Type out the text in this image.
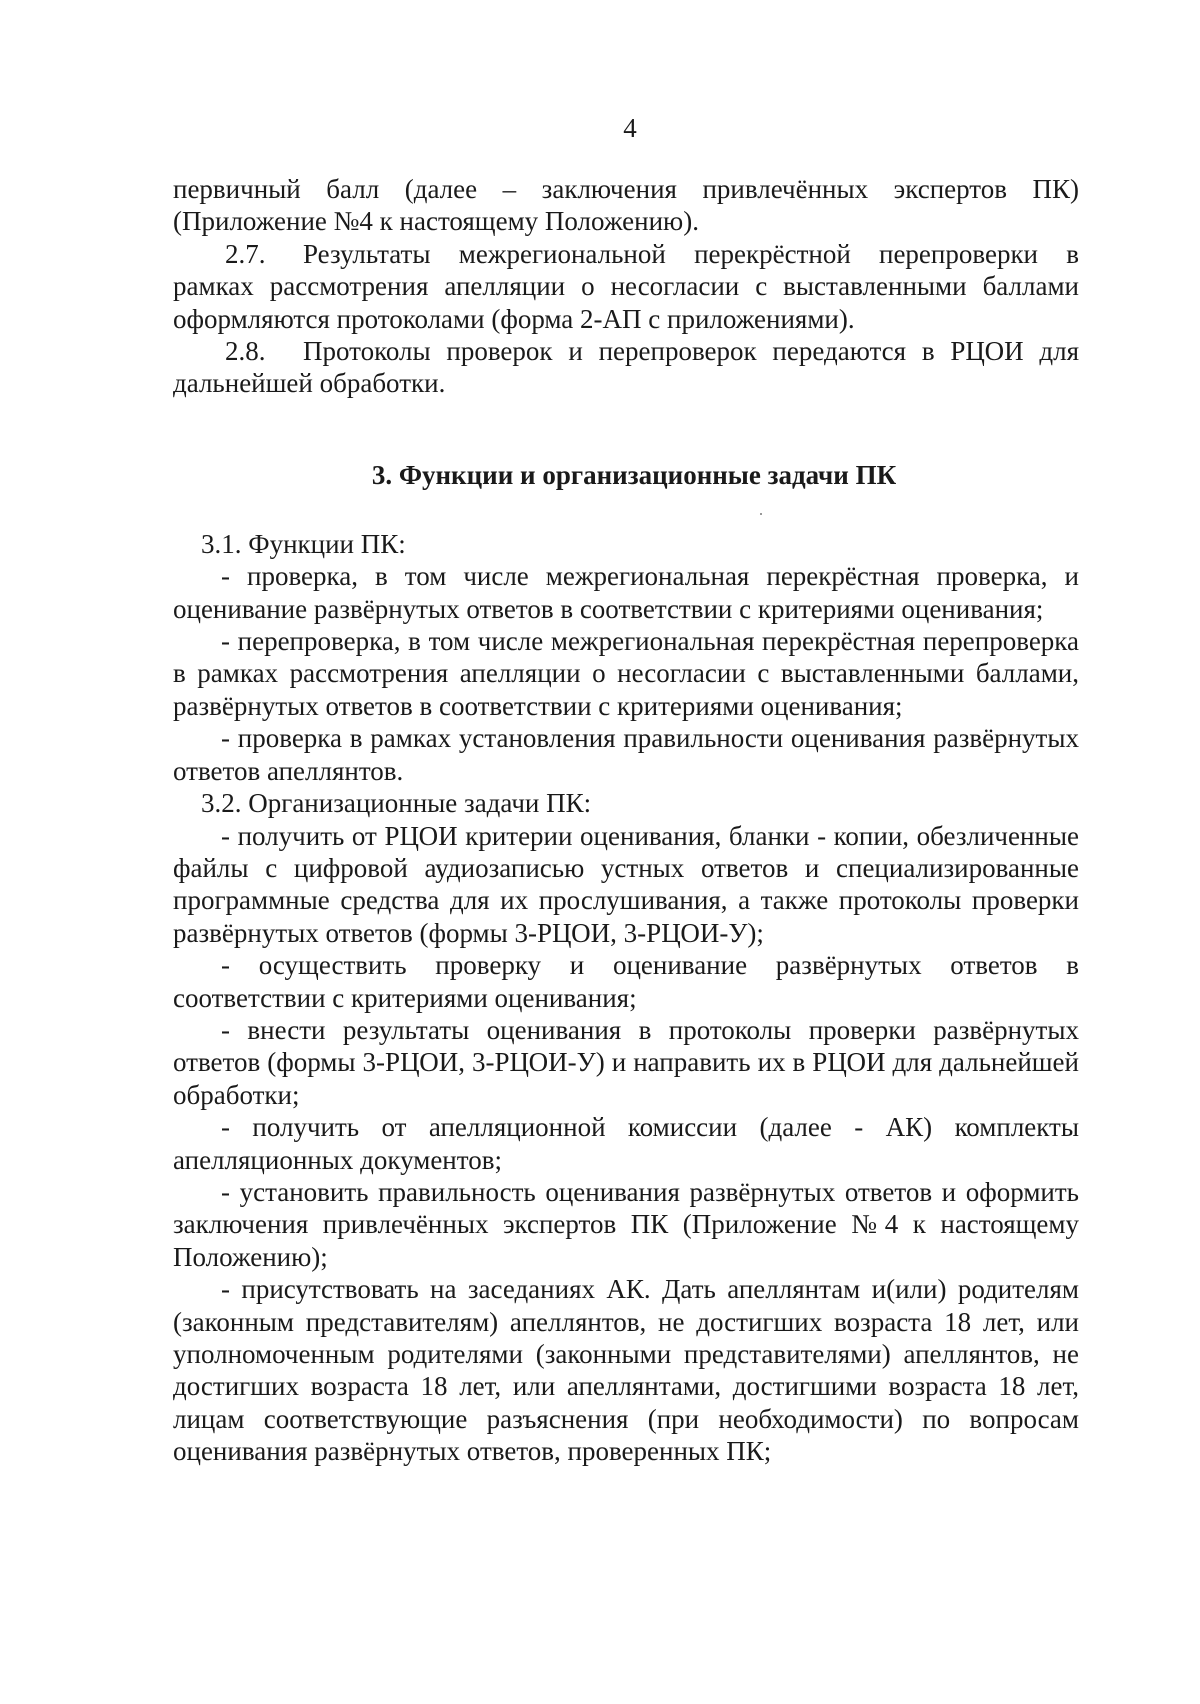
4

первичный балл (далее – заключения привлечённых экспертов ПК) (Приложение №4 к настоящему Положению).

2.7. Результаты межрегиональной перекрёстной перепроверки в рамках рассмотрения апелляции о несогласии с выставленными баллами оформляются протоколами (форма 2-АП с приложениями).

2.8. Протоколы проверок и перепроверок передаются в РЦОИ для дальнейшей обработки.

3. Функции и организационные задачи ПК

3.1. Функции ПК:

- проверка, в том числе межрегиональная перекрёстная проверка, и оценивание развёрнутых ответов в соответствии с критериями оценивания;

- перепроверка, в том числе межрегиональная перекрёстная перепроверка в рамках рассмотрения апелляции о несогласии с выставленными баллами, развёрнутых ответов в соответствии с критериями оценивания;

- проверка в рамках установления правильности оценивания развёрнутых ответов апеллянтов.

3.2. Организационные задачи ПК:

- получить от РЦОИ критерии оценивания, бланки - копии, обезличенные файлы с цифровой аудиозаписью устных ответов и специализированные программные средства для их прослушивания, а также протоколы проверки развёрнутых ответов (формы 3-РЦОИ, 3-РЦОИ-У);

- осуществить проверку и оценивание развёрнутых ответов в соответствии с критериями оценивания;

- внести результаты оценивания в протоколы проверки развёрнутых ответов (формы 3-РЦОИ, 3-РЦОИ-У) и направить их в РЦОИ для дальнейшей обработки;

- получить от апелляционной комиссии (далее - АК) комплекты апелляционных документов;

- установить правильность оценивания развёрнутых ответов и оформить заключения привлечённых экспертов ПК (Приложение №4 к настоящему Положению);

- присутствовать на заседаниях АК. Дать апеллянтам и(или) родителям (законным представителям) апеллянтов, не достигших возраста 18 лет, или уполномоченным родителями (законными представителями) апеллянтов, не достигших возраста 18 лет, или апеллянтами, достигшими возраста 18 лет, лицам соответствующие разъяснения (при необходимости) по вопросам оценивания развёрнутых ответов, проверенных ПК;
